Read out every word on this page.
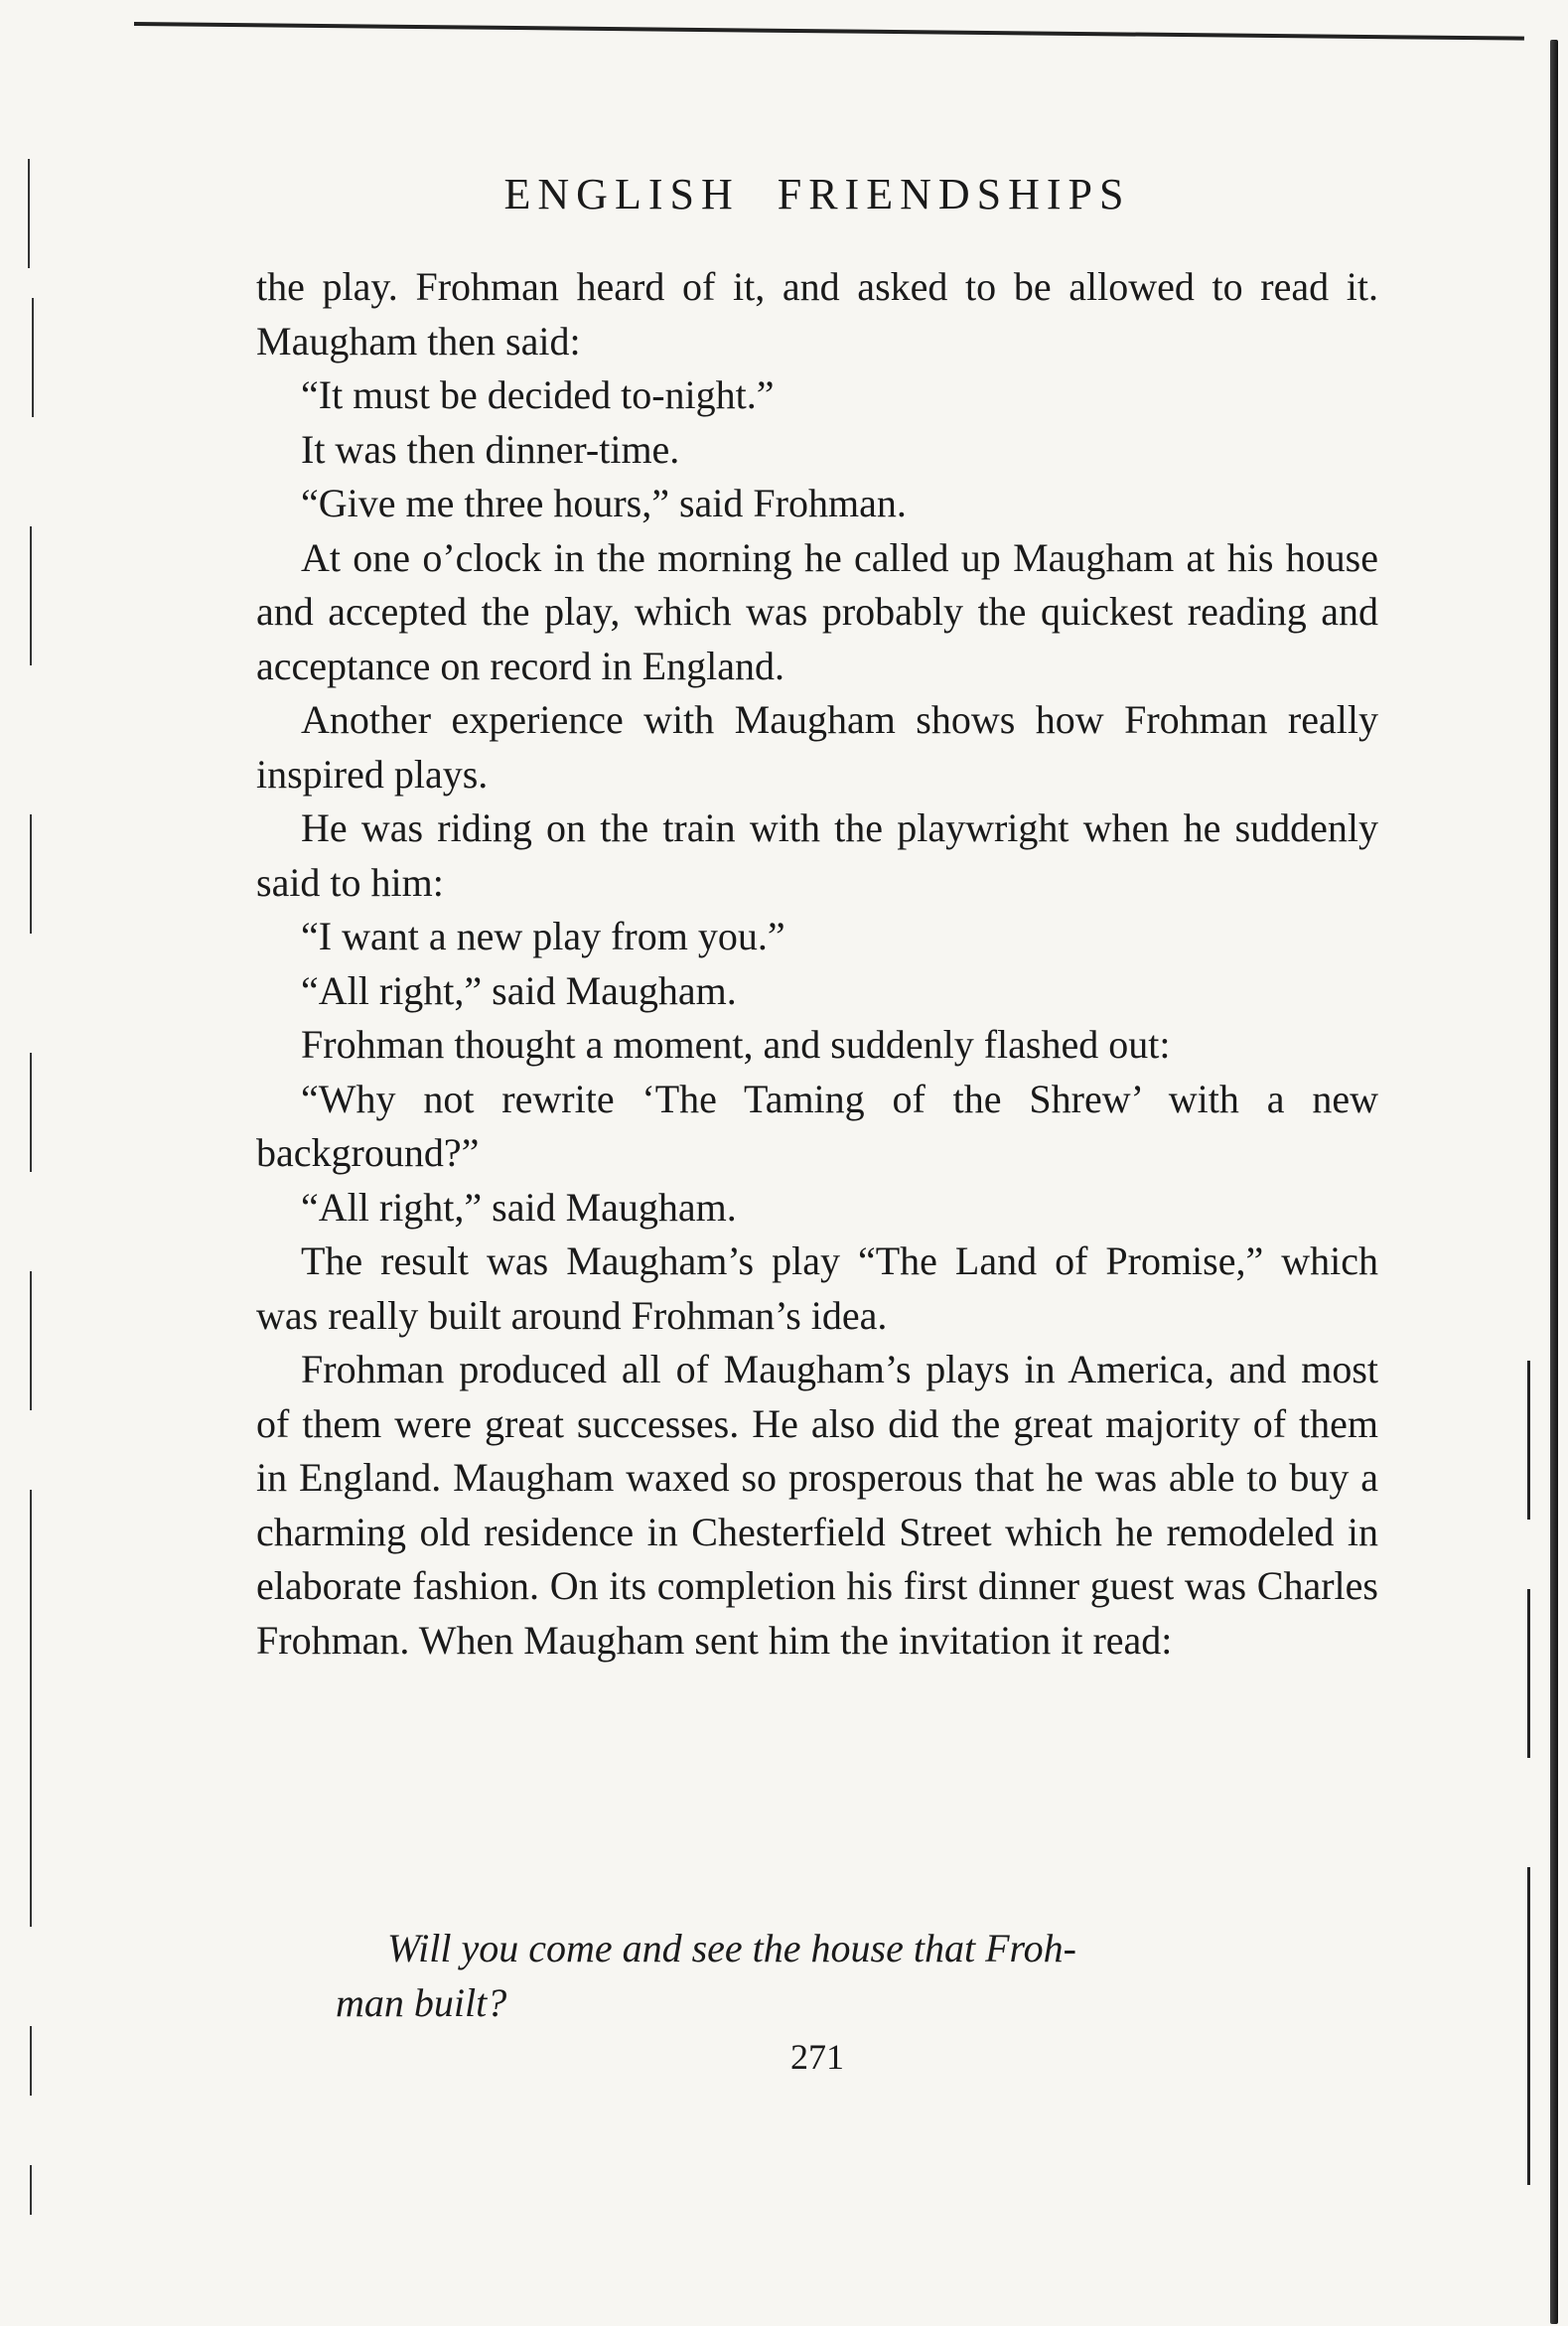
ENGLISH FRIENDSHIPS

the play. Frohman heard of it, and asked to be allowed to read it. Maugham then said:

“It must be decided to-night.”

It was then dinner-time.

“Give me three hours,” said Frohman.

At one o’clock in the morning he called up Maugham at his house and accepted the play, which was probably the quickest reading and acceptance on record in England.

Another experience with Maugham shows how Frohman really inspired plays.

He was riding on the train with the playwright when he suddenly said to him:

“I want a new play from you.”

“All right,” said Maugham.

Frohman thought a moment, and suddenly flashed out:

“Why not rewrite ‘The Taming of the Shrew’ with a new background?”

“All right,” said Maugham.

The result was Maugham’s play “The Land of Promise,” which was really built around Frohman’s idea.

Frohman produced all of Maugham’s plays in America, and most of them were great successes. He also did the great majority of them in England. Maugham waxed so prosperous that he was able to buy a charming old residence in Chesterfield Street which he remodeled in elaborate fashion. On its completion his first dinner guest was Charles Frohman. When Maugham sent him the invitation it read:

Will you come and see the house that Froh-

man built?

271
